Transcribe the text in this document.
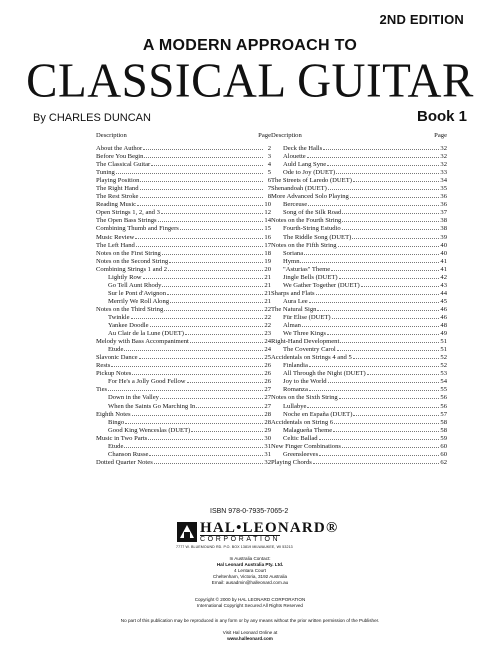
2ND EDITION
A MODERN APPROACH TO
CLASSICAL GUITAR
By CHARLES DUNCAN	Book 1
Description	Page
About the Author	2
Before You Begin	3
The Classical Guitar	4
Tuning	5
Playing Position	6
The Right Hand	7
The Rest Stroke	8
Reading Music	10
Open Strings 1, 2, and 3	12
The Open Bass Strings	14
Combining Thumb and Fingers	15
Music Review	16
The Left Hand	17
Notes on the First String	18
Notes on the Second String	19
Combining Strings 1 and 2	20
Lightly Row	21
Go Tell Aunt Rhody	21
Sur le Pont d'Avignon	21
Merrily We Roll Along	21
Notes on the Third String	22
Twinkle	22
Yankee Doodle	22
Au Clair de la Lune (DUET)	23
Melody with Bass Accompaniment	24
Etude	24
Slavonic Dance	25
Rests	26
Pickup Notes	26
For He's a Jolly Good Fellow	26
Ties	27
Down in the Valley	27
When the Saints Go Marching In	27
Eighth Notes	28
Bingo	28
Good King Wenceslas (DUET)	29
Music in Two Parts	30
Etude	31
Chanson Russe	31
Dotted Quarter Notes	32
Description	Page
Deck the Halls	32
Alouette	32
Auld Lang Syne	32
Ode to Joy (DUET)	33
The Streets of Laredo (DUET)	34
Shenandoah (DUET)	35
More Advanced Solo Playing	36
Berceuse	36
Song of the Silk Road	37
Notes on the Fourth String	38
Fourth-String Estudio	38
The Riddle Song (DUET)	39
Notes on the Fifth String	40
Soriana	40
Hymn	41
"Asturias" Theme	41
Jingle Bells (DUET)	42
We Gather Together (DUET)	43
Sharps and Flats	44
Aura Lee	45
The Natural Sign	46
Für Elise (DUET)	46
Alman	48
We Three Kings	49
Right-Hand Development	51
The Coventry Carol	51
Accidentals on Strings 4 and 5	52
Finlandia	52
All Through the Night (DUET)	53
Joy to the World	54
Romanza	55
Notes on the Sixth String	56
Lullabye	56
Noche en España (DUET)	57
Accidentals on String 6	58
Malagueña Theme	58
Celtic Ballad	59
New Finger Combinations	60
Greensleeves	60
Playing Chords	62
ISBN 978-0-7935-7065-2
HAL•LEONARD®
CORPORATION
7777 W. BLUEMOUND RD. P.O. BOX 13819 MILWAUKEE, WI 53213
In Australia Contact:
Hal Leonard Australia Pty. Ltd.
4 Lentara Court
Cheltenham, Victoria, 3192 Australia
Email: ausadmin@halleonard.com.au
Copyright © 2000 by HAL LEONARD CORPORATION
International Copyright Secured All Rights Reserved
No part of this publication may be reproduced in any form or by any means without the prior written permission of the Publisher.
Visit Hal Leonard Online at
www.halleonard.com
